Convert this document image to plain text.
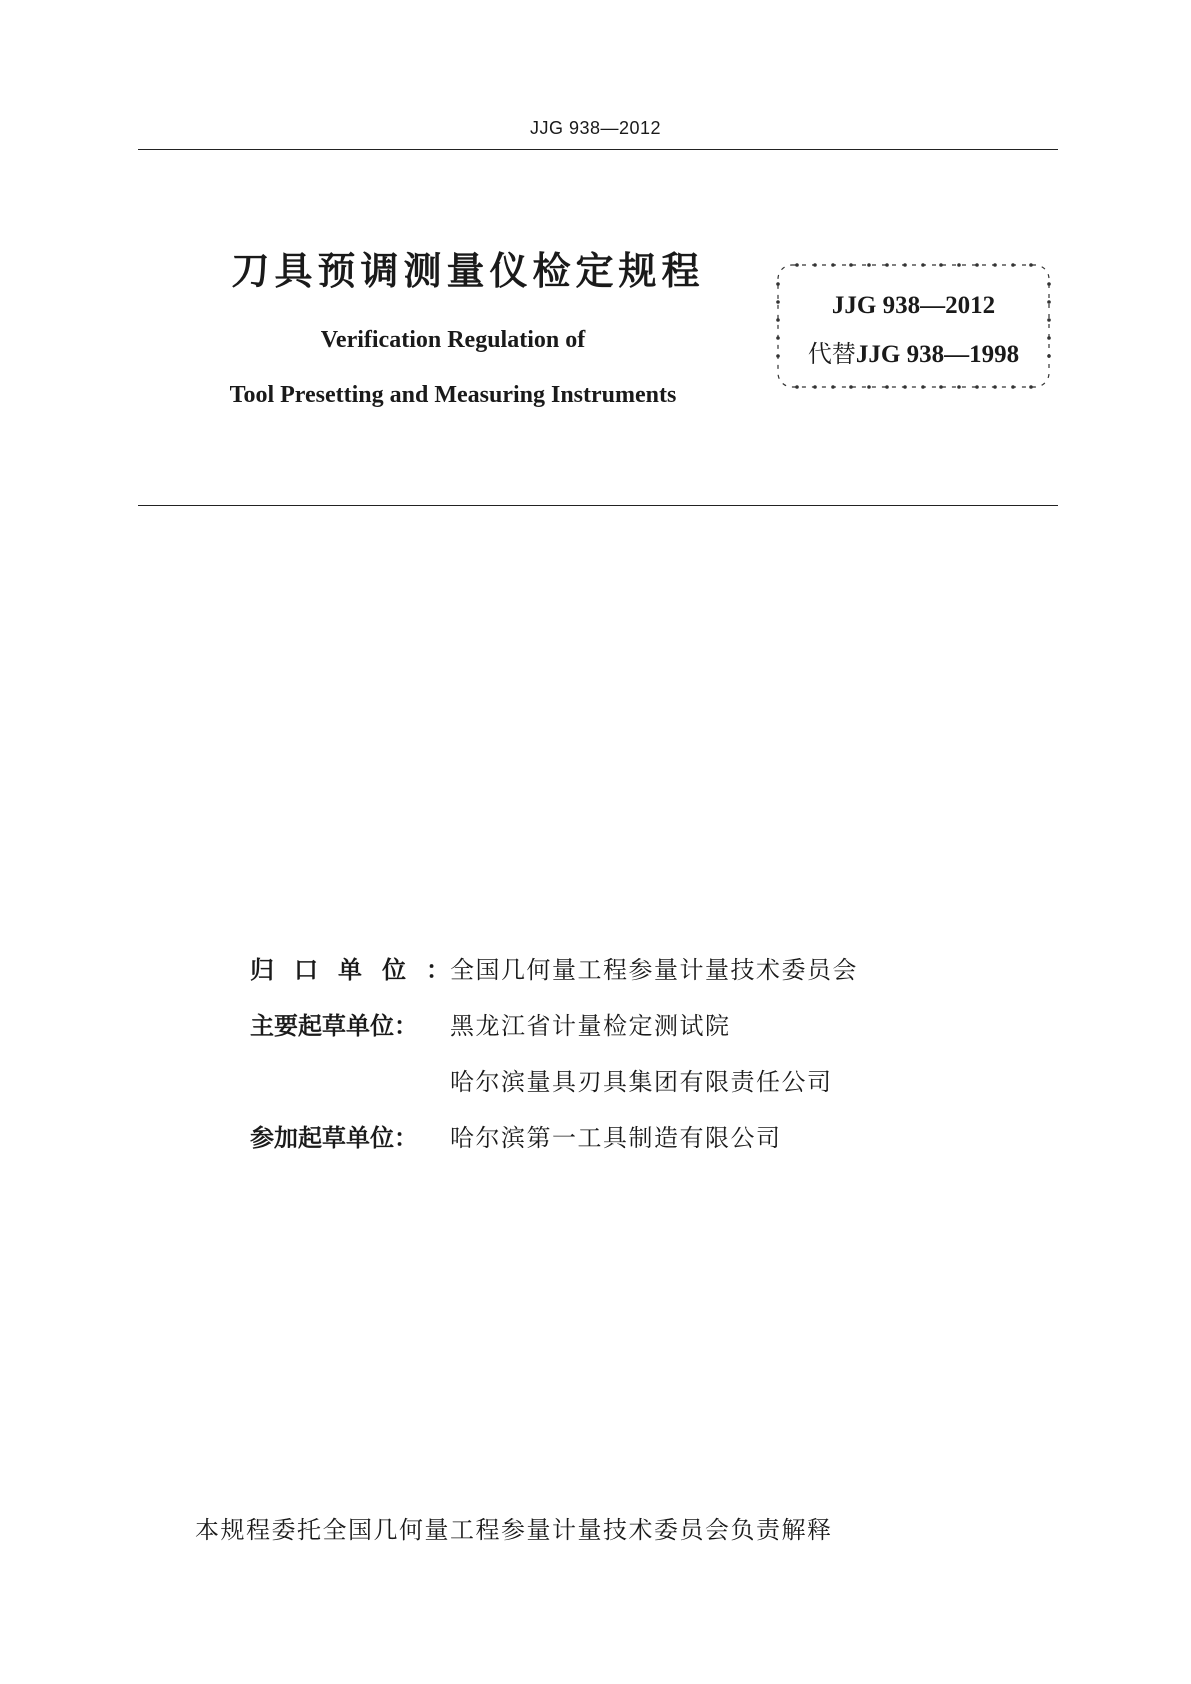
JJG 938—2012
刀具预调测量仪检定规程
Verification Regulation of
Tool Presetting and Measuring Instruments
JJG 938—2012
代替JJG 938—1998
归口单位：
全国几何量工程参量计量技术委员会
主要起草单位：	黑龙江省计量检定测试院
哈尔滨量具刃具集团有限责任公司
参加起草单位：	哈尔滨第一工具制造有限公司
本规程委托全国几何量工程参量计量技术委员会负责解释
